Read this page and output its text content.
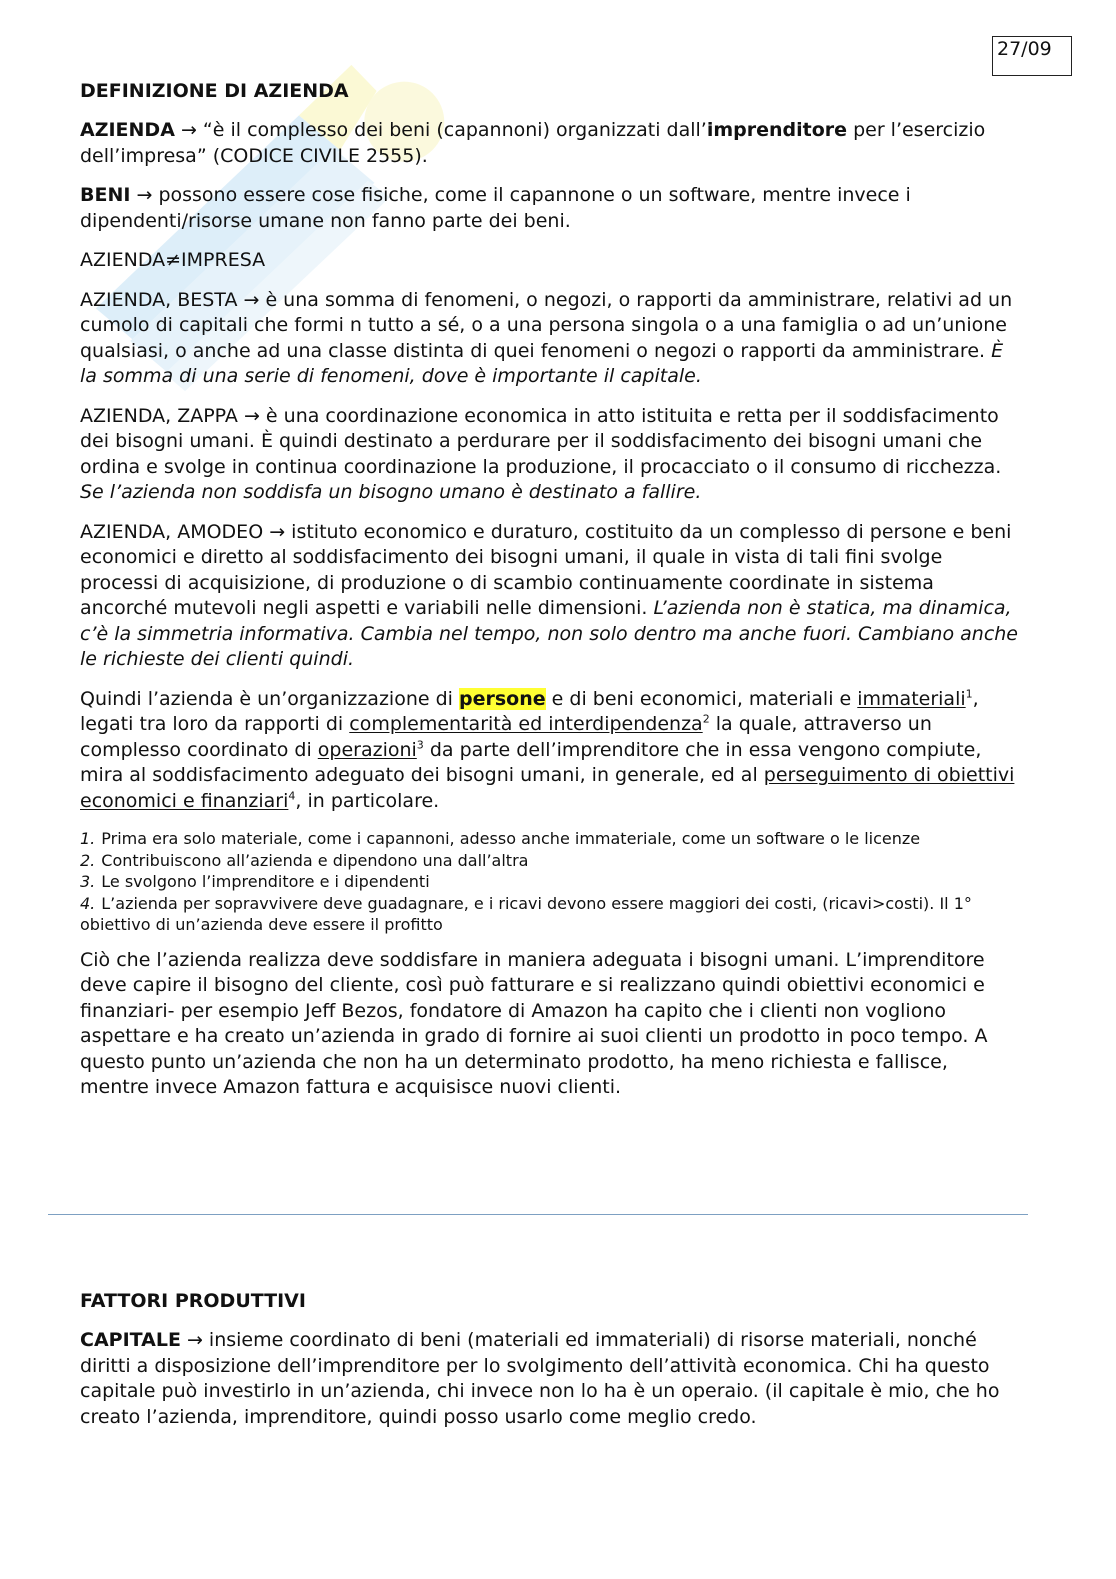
27/09
DEFINIZIONE DI AZIENDA

AZIENDA → “è il complesso dei beni (capannoni) organizzati dall’imprenditore per l’esercizio dell’impresa” (CODICE CIVILE 2555).

BENI → possono essere cose fisiche, come il capannone o un software, mentre invece i dipendenti/risorse umane non fanno parte dei beni.

AZIENDA≠IMPRESA

AZIENDA, BESTA → è una somma di fenomeni, o negozi, o rapporti da amministrare, relativi ad un cumolo di capitali che formi n tutto a sé, o a una persona singola o a una famiglia o ad un’unione qualsiasi, o anche ad una classe distinta di quei fenomeni o negozi o rapporti da amministrare. È la somma di una serie di fenomeni, dove è importante il capitale.

AZIENDA, ZAPPA → è una coordinazione economica in atto istituita e retta per il soddisfacimento dei bisogni umani. È quindi destinato a perdurare per il soddisfacimento dei bisogni umani che ordina e svolge in continua coordinazione la produzione, il procacciato o il consumo di ricchezza. Se l’azienda non soddisfa un bisogno umano è destinato a fallire.

AZIENDA, AMODEO → istituto economico e duraturo, costituito da un complesso di persone e beni economici e diretto al soddisfacimento dei bisogni umani, il quale in vista di tali fini svolge processi di acquisizione, di produzione o di scambio continuamente coordinate in sistema ancorché mutevoli negli aspetti e variabili nelle dimensioni. L’azienda non è statica, ma dinamica, c’è la simmetria informativa. Cambia nel tempo, non solo dentro ma anche fuori. Cambiano anche le richieste dei clienti quindi.

Quindi l’azienda è un’organizzazione di persone e di beni economici, materiali e immateriali$^1$, legati tra loro da rapporti di complementarità ed interdipendenza$^2$ la quale, attraverso un complesso coordinato di operazioni$^3$ da parte dell’imprenditore che in essa vengono compiute, mira al soddisfacimento adeguato dei bisogni umani, in generale, ed al perseguimento di obiettivi economici e finanziari$^4$, in particolare.

1. Prima era solo materiale, come i capannoni, adesso anche immateriale, come un software o le licenze
2. Contribuiscono all’azienda e dipendono una dall’altra
3. Le svolgono l’imprenditore e i dipendenti
4. L’azienda per sopravvivere deve guadagnare, e i ricavi devono essere maggiori dei costi, (ricavi>costi). Il 1° obiettivo di un’azienda deve essere il profitto

Ciò che l’azienda realizza deve soddisfare in maniera adeguata i bisogni umani. L’imprenditore deve capire il bisogno del cliente, così può fatturare e si realizzano quindi obiettivi economici e finanziari- per esempio Jeff Bezos, fondatore di Amazon ha capito che i clienti non vogliono aspettare e ha creato un’azienda in grado di fornire ai suoi clienti un prodotto in poco tempo. A questo punto un’azienda che non ha un determinato prodotto, ha meno richiesta e fallisce, mentre invece Amazon fattura e acquisisce nuovi clienti.

FATTORI PRODUTTIVI

CAPITALE → insieme coordinato di beni (materiali ed immateriali) di risorse materiali, nonché diritti a disposizione dell’imprenditore per lo svolgimento dell’attività economica. Chi ha questo capitale può investirlo in un’azienda, chi invece non lo ha è un operaio. (il capitale è mio, che ho creato l’azienda, imprenditore, quindi posso usarlo come meglio credo.
